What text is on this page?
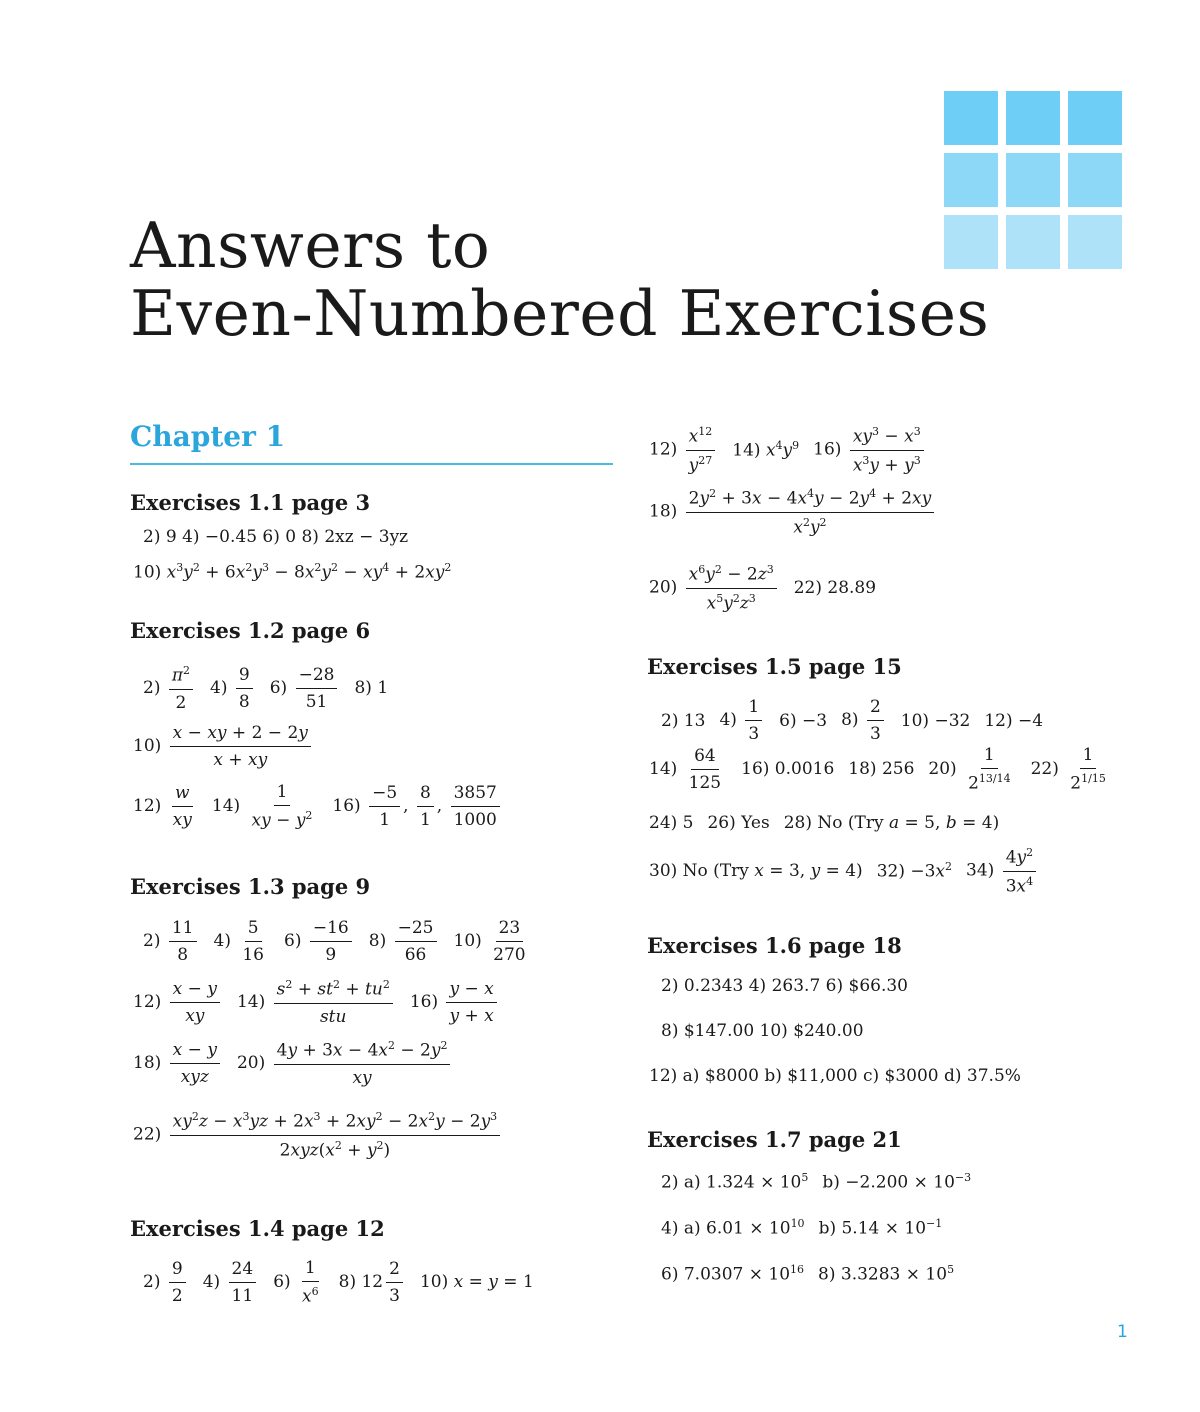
Answers to
Even-Numbered Exercises
Chapter 1
Exercises 1.1 page 3
2) 9 4) −0.45 6) 0 8) 2xz − 3yz
10) $x^3y^2 + 6x^2y^3 - 8x^2y^2 - xy^4 + 2xy^2$
Exercises 1.2 page 6
$2) \frac{\pi^2}{2} 4) \frac{9}{8} 6) \frac{-28}{51} 8$) 1
$10) \frac{x - xy + 2 - 2y}{x + xy}$
$12) \frac{w}{xy} 14) \frac{1}{xy - y^2} 16) \frac{-5}{1}$ , $\frac{8}{1}$ , $\frac{3857}{1000}$
Exercises 1.3 page 9
$2) \frac{11}{8} 4) \frac{5}{16} 6) \frac{-16}{9} 8) \frac{-25}{66} 10) \frac{23}{270}$
$12) \frac{x - y}{xy} 14) \frac{s^2 + st^2 + tu^2}{\text{stu}} 16) \frac{y - x}{y + x}$
$18) \frac{x - y}{\text{xyz}} 20) \frac{4y + 3x - 4x^2 - 2y^2}{xy}$
$22) \frac{xy^2z - x^3yz + 2x^3 + 2xy^2 - 2x^2y - 2y^3}{2xyz(x^2 + y^2)}$
Exercises 1.4 page 12
$2) \frac{9}{2} 4) \frac{24}{11} 6) \frac{1}{x^6} 8$) $12 \frac{2}{3} 10$) x = y = 1
$12) \frac{x^{12}}{y^{27}} 14$) $x^4y^9$ $16) \frac{xy^3 - x^3}{x^3y + y^3}$
$18) \frac{2y^2 + 3x - 4x^4y - 2y^4 + 2xy}{x^2y^2}$
$20) \frac{x^6y^2 - 2z^3}{x^5y^2z^3} 22$) 28.89
Exercises 1.5 page 15
2) 13 $4) \frac{1}{3} 6) -3$ $8) \frac{2}{3} 10) -32$ 12) −4
$14) \frac{64}{125} 16$) 0.0016 18) 256 $20) \frac{1}{2^{13/14}} 22) \frac{1}{2^{1/15}}$
24) 5 26) Yes 28) No (Try a = 5, b = 4)
30) No (Try x = 3, y = 4) $32) -3x^2$ $34) \frac{4y^2}{3x^4}$
Exercises 1.6 page 18
2) 0.2343 4) 263.7 6) $66.30
8) $147.00 10) $240.00
12) a) $8000 b) $11,000 c) $3000 d) 37.5%
Exercises 1.7 page 21
2) a) $1.324 \times 10^5$ $b) -2.200 \times 10^{-3}$
4) a) $6.01 \times 10^{10}$ b) $5.14 \times 10^{-1}$
6) $7.0307 \times 10^{16}$ 8) $3.3283 \times 10^5$
1
